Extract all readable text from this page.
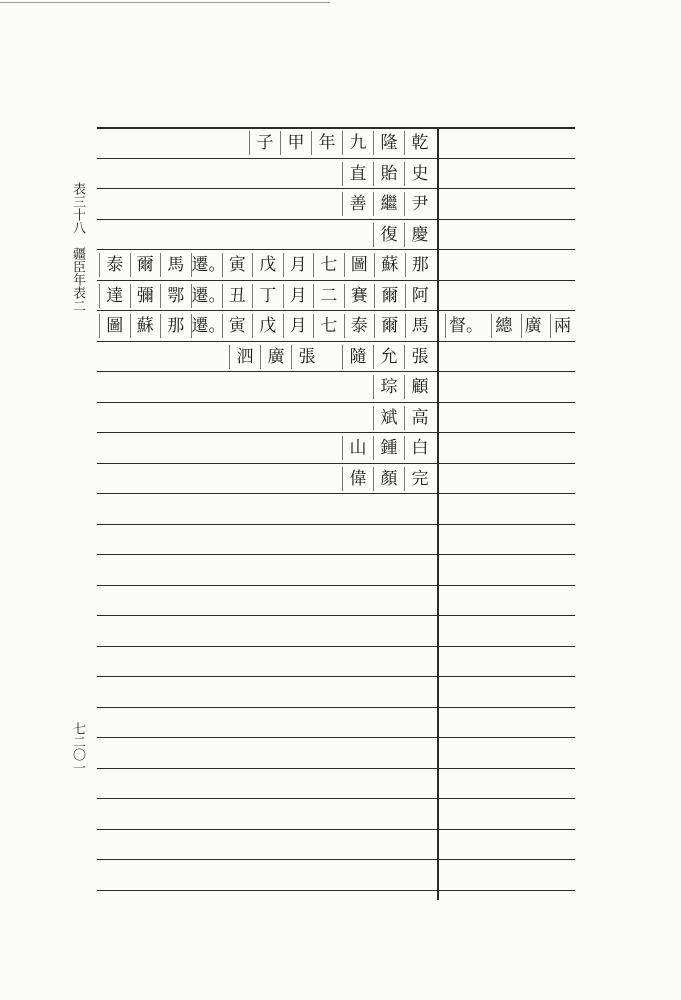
表三十八　疆臣年表二
七二〇一
子 甲 年 九 隆 乾
直 貽 史
善 繼 尹
復 慶
泰 爾 馬 遷。 寅 戊 月 七 圖 蘇 那
達 彌 鄂 遷。 丑 丁 月 二 賽 爾 阿
圖 蘇 那 遷。 寅 戊 月 七 泰 爾 馬
泗 廣 張	隨 允 張
琮 顧
斌 高
山 鍾 白
偉 顏 完
督。 總 廣 兩
